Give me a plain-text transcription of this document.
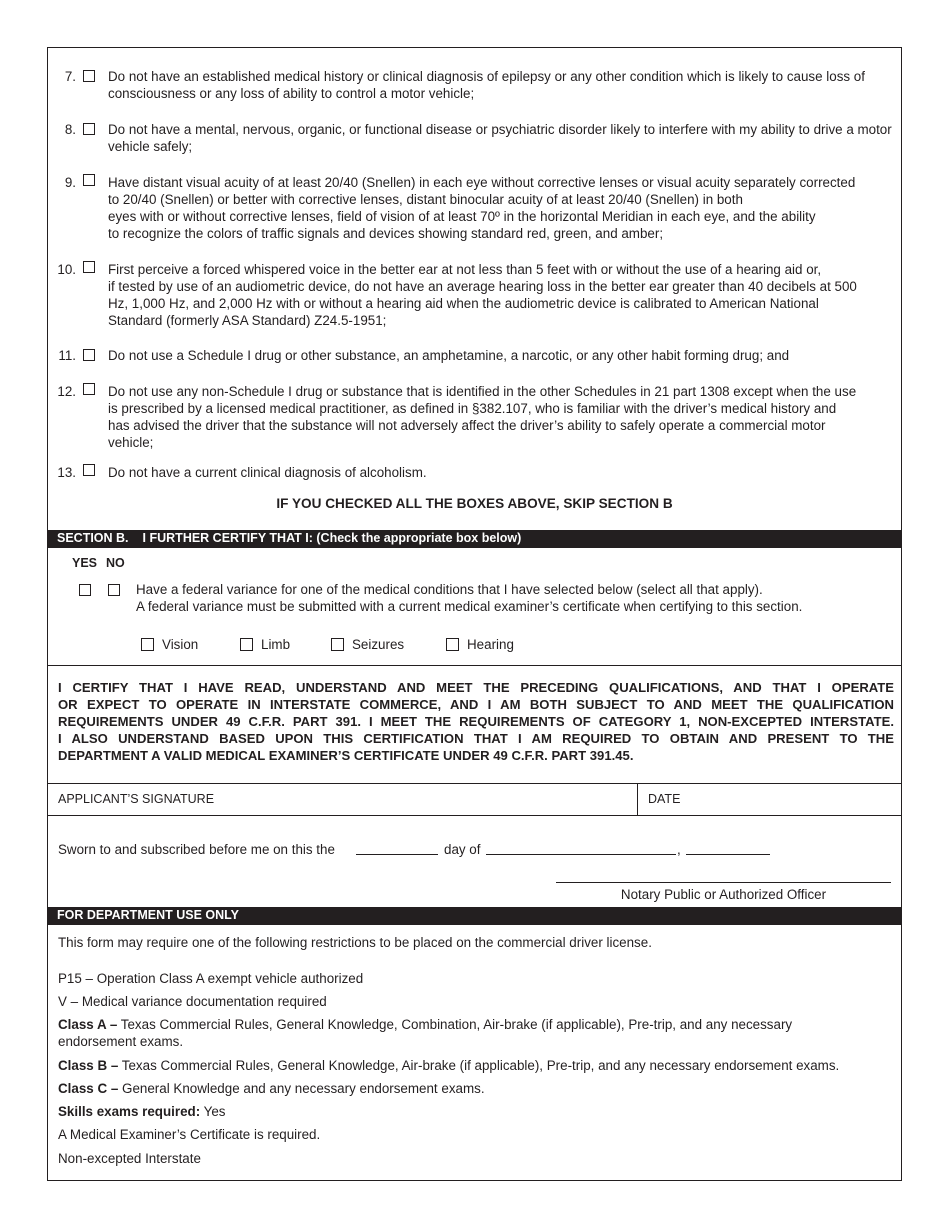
7. Do not have an established medical history or clinical diagnosis of epilepsy or any other condition which is likely to cause loss of consciousness or any loss of ability to control a motor vehicle;
8. Do not have a mental, nervous, organic, or functional disease or psychiatric disorder likely to interfere with my ability to drive a motor vehicle safely;
9. Have distant visual acuity of at least 20/40 (Snellen) in each eye without corrective lenses or visual acuity separately corrected
to 20/40 (Snellen) or better with corrective lenses, distant binocular acuity of at least 20/40 (Snellen) in both
eyes with or without corrective lenses, field of vision of at least 70º in the horizontal Meridian in each eye, and the ability
to recognize the colors of traffic signals and devices showing standard red, green, and amber;
10. First perceive a forced whispered voice in the better ear at not less than 5 feet with or without the use of a hearing aid or,
if tested by use of an audiometric device, do not have an average hearing loss in the better ear greater than 40 decibels at 500
Hz, 1,000 Hz, and 2,000 Hz with or without a hearing aid when the audiometric device is calibrated to American National
Standard (formerly ASA Standard) Z24.5-1951;
11. Do not use a Schedule I drug or other substance, an amphetamine, a narcotic, or any other habit forming drug; and
12. Do not use any non-Schedule I drug or substance that is identified in the other Schedules in 21 part 1308 except when the use
is prescribed by a licensed medical practitioner, as defined in §382.107, who is familiar with the driver’s medical history and
has advised the driver that the substance will not adversely affect the driver’s ability to safely operate a commercial motor
vehicle;
13. Do not have a current clinical diagnosis of alcoholism.
IF YOU CHECKED ALL THE BOXES ABOVE, SKIP SECTION B
SECTION B. I FURTHER CERTIFY THAT I: (Check the appropriate box below)
YES NO
Have a federal variance for one of the medical conditions that I have selected below (select all that apply).
A federal variance must be submitted with a current medical examiner’s certificate when certifying to this section.
Vision	Limb	Seizures	Hearing
I CERTIFY THAT I HAVE READ, UNDERSTAND AND MEET THE PRECEDING QUALIFICATIONS, AND THAT I OPERATE
OR EXPECT TO OPERATE IN INTERSTATE COMMERCE, AND I AM BOTH SUBJECT TO AND MEET THE QUALIFICATION
REQUIREMENTS UNDER 49 C.F.R. PART 391. I MEET THE REQUIREMENTS OF CATEGORY 1, NON-EXCEPTED INTERSTATE.
I ALSO UNDERSTAND BASED UPON THIS CERTIFICATION THAT I AM REQUIRED TO OBTAIN AND PRESENT TO THE
DEPARTMENT A VALID MEDICAL EXAMINER’S CERTIFICATE UNDER 49 C.F.R. PART 391.45.
APPLICANT’S SIGNATURE	DATE
Sworn to and subscribed before me on this the	day of	,
Notary Public or Authorized Officer
FOR DEPARTMENT USE ONLY
This form may require one of the following restrictions to be placed on the commercial driver license.
P15 – Operation Class A exempt vehicle authorized
V – Medical variance documentation required
Class A – Texas Commercial Rules, General Knowledge, Combination, Air-brake (if applicable), Pre-trip, and any necessary
endorsement exams.
Class B – Texas Commercial Rules, General Knowledge, Air-brake (if applicable), Pre-trip, and any necessary endorsement exams.
Class C – General Knowledge and any necessary endorsement exams.
Skills exams required: Yes
A Medical Examiner’s Certificate is required.
Non-excepted Interstate
